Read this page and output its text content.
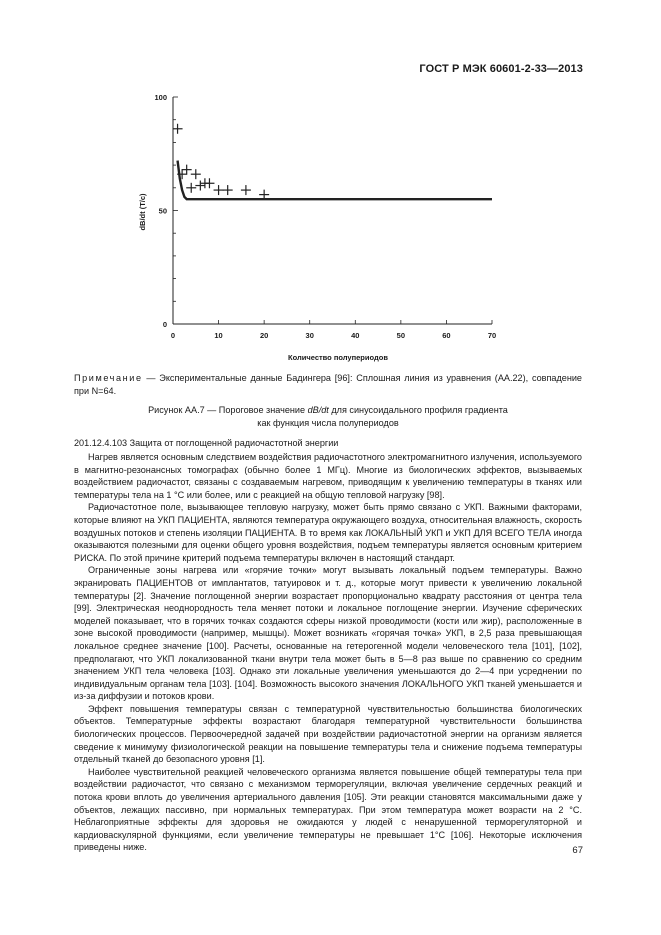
ГОСТ Р МЭК 60601-2-33—2013
0
50
100
0	10	20	30	40	50	60	70
Количество полупериодов
dB/dt (Т/с)
Примечание — Экспериментальные данные Бадингера [96]: Сплошная линия из уравнения (АА.22), совпадение при N=64.
Рисунок АА.7 — Пороговое значение dB/dt для синусоидального профиля градиента
как функция числа полупериодов
201.12.4.103 Защита от поглощенной радиочастотной энергии

Нагрев является основным следствием воздействия радиочастотного электромагнитного излучения, используемого в магнитно-резонансных томографах (обычно более 1 МГц). Многие из биологических эффектов, вызываемых воздействием радиочастот, связаны с создаваемым нагревом, приводящим к увеличению температуры в тканях или температуры тела на 1 °С или более, или с реакцией на общую тепловой нагрузку [98].

Радиочастотное поле, вызывающее тепловую нагрузку, может быть прямо связано с УКП. Важными факторами, которые влияют на УКП ПАЦИЕНТА, являются температура окружающего воздуха, относительная влажность, скорость воздушных потоков и степень изоляции ПАЦИЕНТА. В то время как ЛОКАЛЬНЫЙ УКП и УКП ДЛЯ ВСЕГО ТЕЛА иногда оказываются полезными для оценки общего уровня воздействия, подъем температуры является основным критерием РИСКА. По этой причине критерий подъема температуры включен в настоящий стандарт.

Ограниченные зоны нагрева или «горячие точки» могут вызывать локальный подъем температуры. Важно экранировать ПАЦИЕНТОВ от имплантатов, татуировок и т. д., которые могут привести к увеличению локальной температуры [2]. Значение поглощенной энергии возрастает пропорционально квадрату расстояния от центра тела [99]. Электрическая неоднородность тела меняет потоки и локальное поглощение энергии. Изучение сферических моделей показывает, что в горячих точках создаются сферы низкой проводимости (кости или жир), расположенные в зоне высокой проводимости (например, мышцы). Может возникать «горячая точка» УКП, в 2,5 раза превышающая локальное среднее значение [100]. Расчеты, основанные на гетерогенной модели человеческого тела [101], [102], предполагают, что УКП локализованной ткани внутри тела может быть в 5—8 раз выше по сравнению со средним значением УКП тела человека [103]. Однако эти локальные увеличения уменьшаются до 2—4 при усреднении по индивидуальным органам тела [103]. [104]. Возможность высокого значения ЛОКАЛЬНОГО УКП тканей уменьшается и из-за диффузии и потоков крови.

Эффект повышения температуры связан с температурной чувствительностью большинства биологических объектов. Температурные эффекты возрастают благодаря температурной чувствительности большинства биологических процессов. Первоочередной задачей при воздействии радиочастотной энергии на организм является сведение к минимуму физиологической реакции на повышение температуры тела и снижение подъема температуры отдельный тканей до безопасного уровня [1].

Наиболее чувствительной реакцией человеческого организма является повышение общей температуры тела при воздействии радиочастот, что связано с механизмом терморегуляции, включая увеличение сердечных реакций и потока крови вплоть до увеличения артериального давления [105]. Эти реакции становятся максимальными даже у объектов, лежащих пассивно, при нормальных температурах. При этом температура может возрасти на 2 °С. Неблагоприятные эффекты для здоровья не ожидаются у людей с ненарушенной терморегуляторной и кардиоваскулярной функциями, если увеличение температуры не превышает 1°С [106]. Некоторые исключения приведены ниже.	67
